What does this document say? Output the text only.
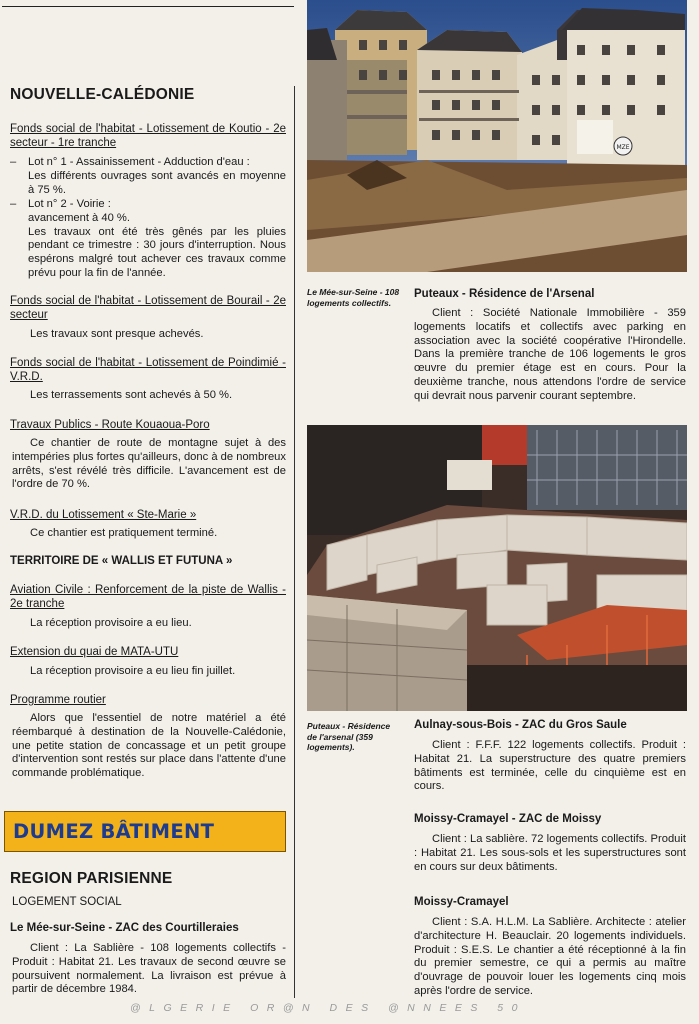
NOUVELLE-CALÉDONIE
Fonds social de l'habitat - Lotissement de Koutio - 2e secteur - 1re tranche
– Lot n° 1 - Assainissement - Adduction d'eau :
Les différents ouvrages sont avancés en moyenne à 75 %.
– Lot n° 2 - Voirie :
avancement à 40 %.
Les travaux ont été très gênés par les pluies pendant ce trimestre : 30 jours d'interruption. Nous espérons malgré tout achever ces travaux comme prévu pour la fin de l'année.
Fonds social de l'habitat - Lotissement de Bourail - 2e secteur
Les travaux sont presque achevés.
Fonds social de l'habitat - Lotissement de Poindimié - V.R.D.
Les terrassements sont achevés à 50 %.
Travaux Publics - Route Kouaoua-Poro
Ce chantier de route de montagne sujet à des intempéries plus fortes qu'ailleurs, donc à de nombreux arrêts, s'est révélé très difficile. L'avancement est de l'ordre de 70 %.
V.R.D. du Lotissement « Ste-Marie »
Ce chantier est pratiquement terminé.
TERRITOIRE DE « WALLIS ET FUTUNA »
Aviation Civile : Renforcement de la piste de Wallis - 2e tranche
La réception provisoire a eu lieu.
Extension du quai de MATA-UTU
La réception provisoire a eu lieu fin juillet.
Programme routier
Alors que l'essentiel de notre matériel a été réembarqué à destination de la Nouvelle-Calédonie, une petite station de concassage et un petit groupe d'intervention sont restés sur place dans l'attente d'une commande problématique.
DUMEZ BÂTIMENT
REGION PARISIENNE
LOGEMENT SOCIAL
Le Mée-sur-Seine - ZAC des Courtilleraies
Client : La Sablière - 108 logements collectifs - Produit : Habitat 21. Les travaux de second œuvre se poursuivent normalement. La livraison est prévue à partir de décembre 1984.
MZE
Le Mée-sur-Seine - 108 logements collectifs.
Puteaux - Résidence de l'Arsenal
Client : Société Nationale Immobilière - 359 logements locatifs et collectifs avec parking en association avec la société coopérative l'Hirondelle. Dans la première tranche de 106 logements le gros œuvre du premier étage est en cours. Pour la deuxième tranche, nous attendons l'ordre de service qui devrait nous parvenir courant septembre.
Puteaux - Résidence de l'arsenal (359 logements).
Aulnay-sous-Bois - ZAC du Gros Saule
Client : F.F.F. 122 logements collectifs. Produit : Habitat 21. La superstructure des quatre premiers bâtiments est terminée, celle du cinquième est en cours.
Moissy-Cramayel - ZAC de Moissy
Client : La sablière. 72 logements collectifs. Produit : Habitat 21. Les sous-sols et les superstructures sont en cours sur deux bâtiments.
Moissy-Cramayel
Client : S.A. H.L.M. La Sablière. Architecte : atelier d'architecture H. Beauclair. 20 logements individuels. Produit : S.E.S. Le chantier a été réceptionné à la fin du premier semestre, ce qui a permis au maître d'ouvrage de pouvoir louer les logements cinq mois après l'ordre de service.
@LGERIE OR@N DES @NNEES 50
